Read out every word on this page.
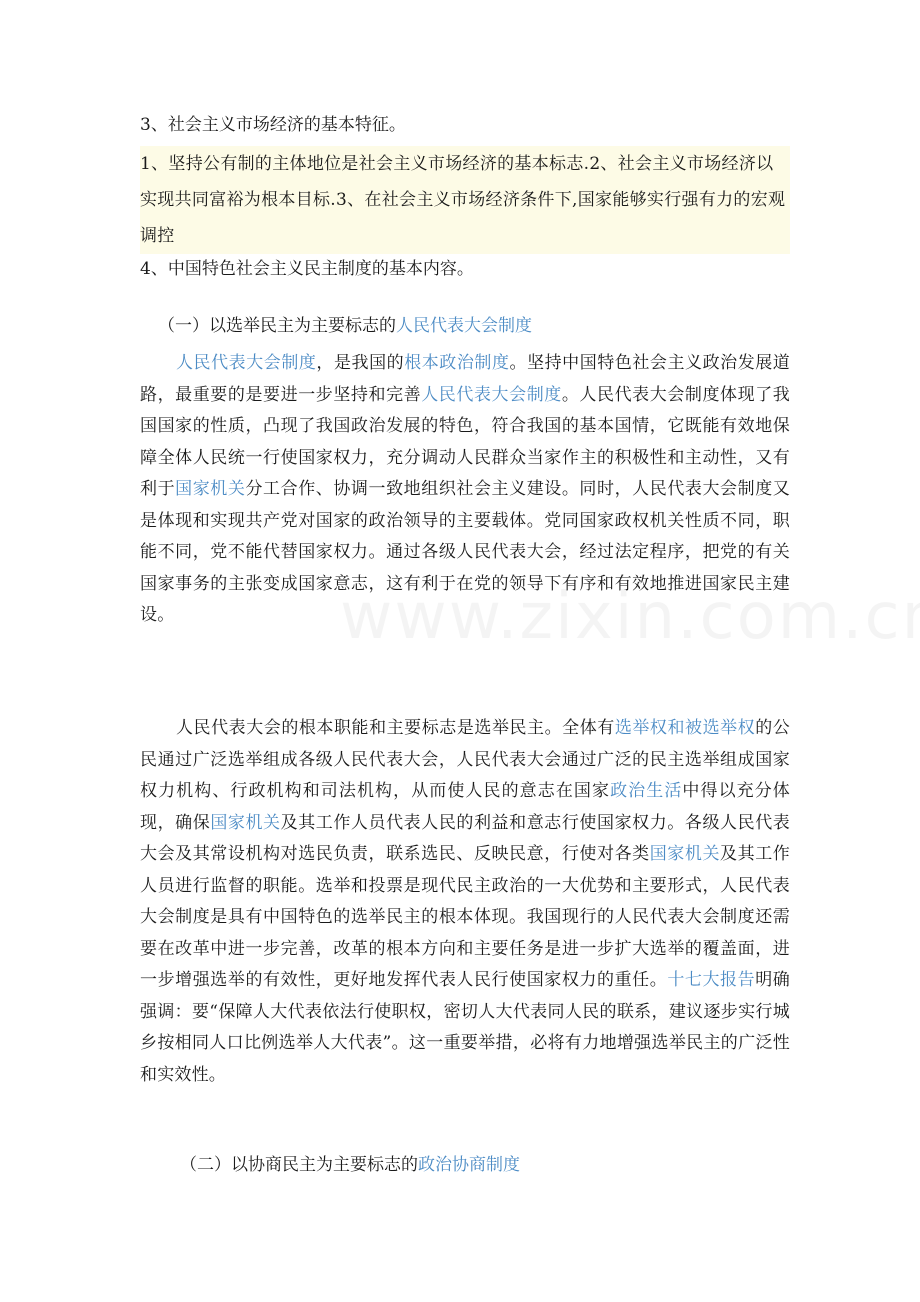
3、社会主义市场经济的基本特征。
1、坚持公有制的主体地位是社会主义市场经济的基本标志.2、社会主义市场经济以实现共同富裕为根本目标.3、在社会主义市场经济条件下,国家能够实行强有力的宏观调控
4、中国特色社会主义民主制度的基本内容。
（一）以选举民主为主要标志的人民代表大会制度
人民代表大会制度，是我国的根本政治制度。坚持中国特色社会主义政治发展道路，最重要的是要进一步坚持和完善人民代表大会制度。人民代表大会制度体现了我国国家的性质，凸现了我国政治发展的特色，符合我国的基本国情，它既能有效地保障全体人民统一行使国家权力，充分调动人民群众当家作主的积极性和主动性，又有利于国家机关分工合作、协调一致地组织社会主义建设。同时，人民代表大会制度又是体现和实现共产党对国家的政治领导的主要载体。党同国家政权机关性质不同，职能不同，党不能代替国家权力。通过各级人民代表大会，经过法定程序，把党的有关国家事务的主张变成国家意志，这有利于在党的领导下有序和有效地推进国家民主建设。
人民代表大会的根本职能和主要标志是选举民主。全体有选举权和被选举权的公民通过广泛选举组成各级人民代表大会，人民代表大会通过广泛的民主选举组成国家权力机构、行政机构和司法机构，从而使人民的意志在国家政治生活中得以充分体现，确保国家机关及其工作人员代表人民的利益和意志行使国家权力。各级人民代表大会及其常设机构对选民负责，联系选民、反映民意，行使对各类国家机关及其工作人员进行监督的职能。选举和投票是现代民主政治的一大优势和主要形式，人民代表大会制度是具有中国特色的选举民主的根本体现。我国现行的人民代表大会制度还需要在改革中进一步完善，改革的根本方向和主要任务是进一步扩大选举的覆盖面，进一步增强选举的有效性，更好地发挥代表人民行使国家权力的重任。十七大报告明确强调：要“保障人大代表依法行使职权，密切人大代表同人民的联系，建议逐步实行城乡按相同人口比例选举人大代表”。这一重要举措，必将有力地增强选举民主的广泛性和实效性。
（二）以协商民主为主要标志的政治协商制度
